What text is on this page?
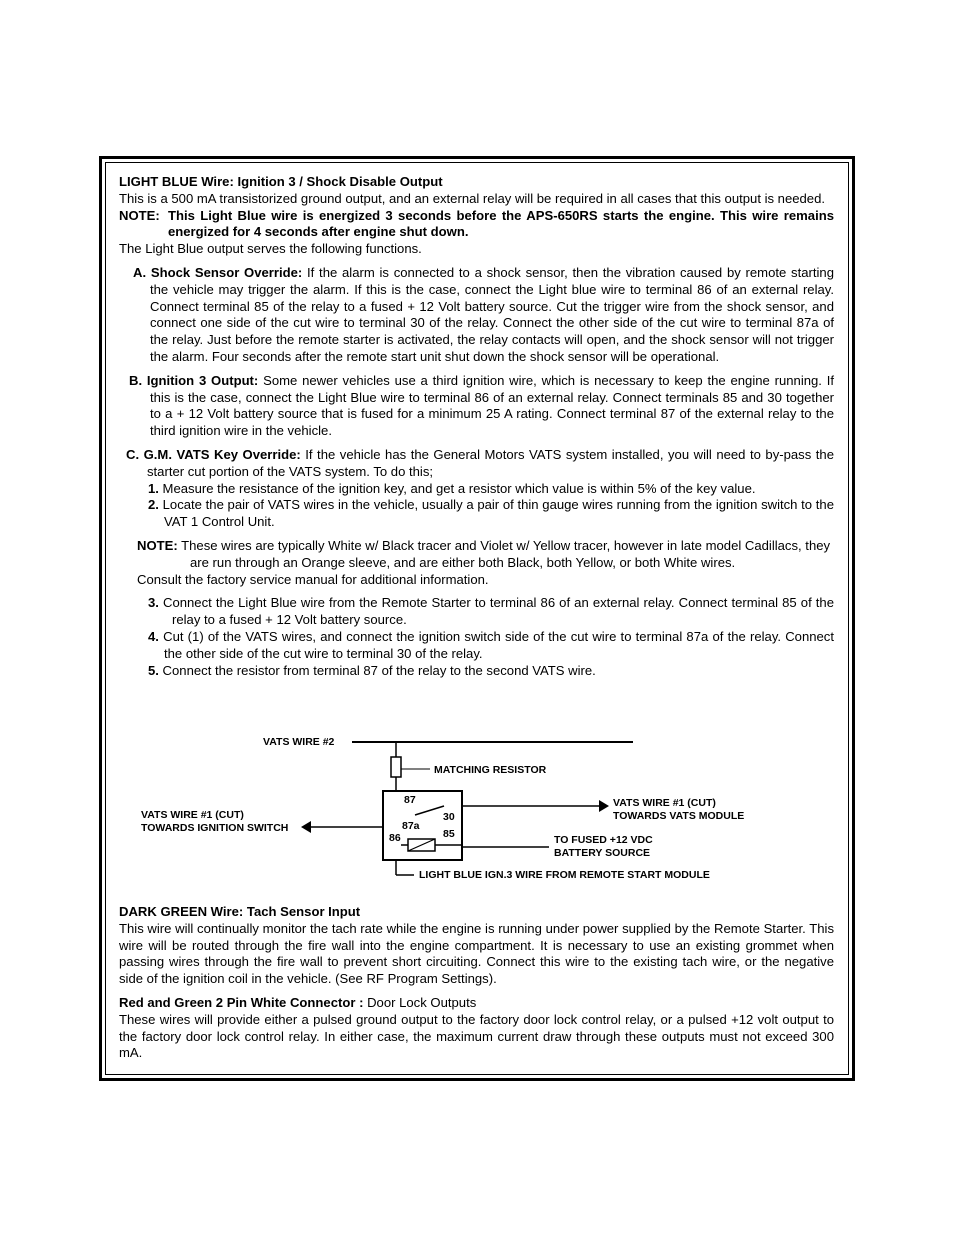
LIGHT BLUE Wire: Ignition 3 / Shock Disable Output

This is a 500 mA transistorized ground output, and an external relay will be required in all cases that this output is needed.

NOTE: This Light Blue wire is energized 3 seconds before the APS-650RS starts the engine. This wire remains energized for 4 seconds after engine shut down.

The Light Blue output serves the following functions.

A. Shock Sensor Override: If the alarm is connected to a shock sensor, then the vibration caused by remote starting the vehicle may trigger the alarm. If this is the case, connect the Light blue wire to terminal 86 of an external relay. Connect terminal 85 of the relay to a fused + 12 Volt battery source. Cut the trigger wire from the shock sensor, and connect one side of the cut wire to terminal 30 of the relay. Connect the other side of the cut wire to terminal 87a of the relay. Just before the remote starter is activated, the relay contacts will open, and the shock sensor will not trigger the alarm. Four seconds after the remote start unit shut down the shock sensor will be operational.

B. Ignition 3 Output: Some newer vehicles use a third ignition wire, which is necessary to keep the engine running. If this is the case, connect the Light Blue wire to terminal 86 of an external relay. Connect terminals 85 and 30 together to a + 12 Volt battery source that is fused for a minimum 25 A rating. Connect terminal 87 of the external relay to the third ignition wire in the vehicle.

C. G.M. VATS Key Override: If the vehicle has the General Motors VATS system installed, you will need to by-pass the starter cut portion of the VATS system. To do this;

1. Measure the resistance of the ignition key, and get a resistor which value is within 5% of the key value.

2. Locate the pair of VATS wires in the vehicle, usually a pair of thin gauge wires running from the ignition switch to the VAT 1 Control Unit.

NOTE: These wires are typically White w/ Black tracer and Violet w/ Yellow tracer, however in late model Cadillacs, they are run through an Orange sleeve, and are either both Black, both Yellow, or both White wires.

Consult the factory service manual for additional information.

3. Connect the Light Blue wire from the Remote Starter to terminal 86 of an external relay. Connect terminal 85 of the relay to a fused + 12 Volt battery source.

4. Cut (1) of the VATS wires, and connect the ignition switch side of the cut wire to terminal 87a of the relay. Connect the other side of the cut wire to terminal 30 of the relay.

5. Connect the resistor from terminal 87 of the relay to the second VATS wire.

VATS WIRE #2
MATCHING RESISTOR
87
30
87a
86	85
VATS WIRE #1 (CUT)
TOWARDS VATS MODULE
VATS WIRE #1 (CUT)
TOWARDS IGNITION SWITCH
TO FUSED +12 VDC
BATTERY SOURCE
LIGHT BLUE IGN.3 WIRE FROM REMOTE START MODULE

DARK GREEN Wire: Tach Sensor Input

This wire will continually monitor the tach rate while the engine is running under power supplied by the Remote Starter. This wire will be routed through the fire wall into the engine compartment. It is necessary to use an existing grommet when passing wires through the fire wall to prevent short circuiting. Connect this wire to the existing tach wire, or the negative side of the ignition coil in the vehicle. (See RF Program Settings).

Red and Green 2 Pin White Connector : Door Lock Outputs

These wires will provide either a pulsed ground output to the factory door lock control relay, or a pulsed +12 volt output to the factory door lock control relay. In either case, the maximum current draw through these outputs must not exceed 300 mA.
